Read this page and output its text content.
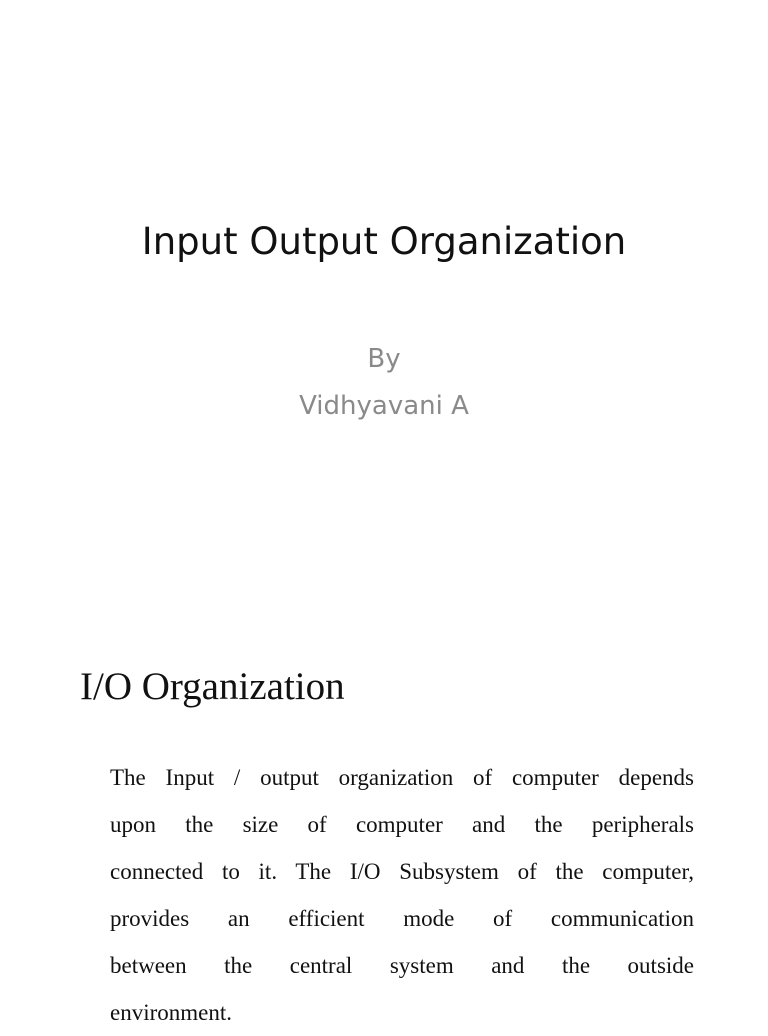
Input Output Organization
By
Vidhyavani A
I/O Organization
The Input / output organization of computer depends
upon the size of computer and the peripherals
connected to it. The I/O Subsystem of the computer,
provides an efficient mode of communication
between the central system and the outside
environment.
